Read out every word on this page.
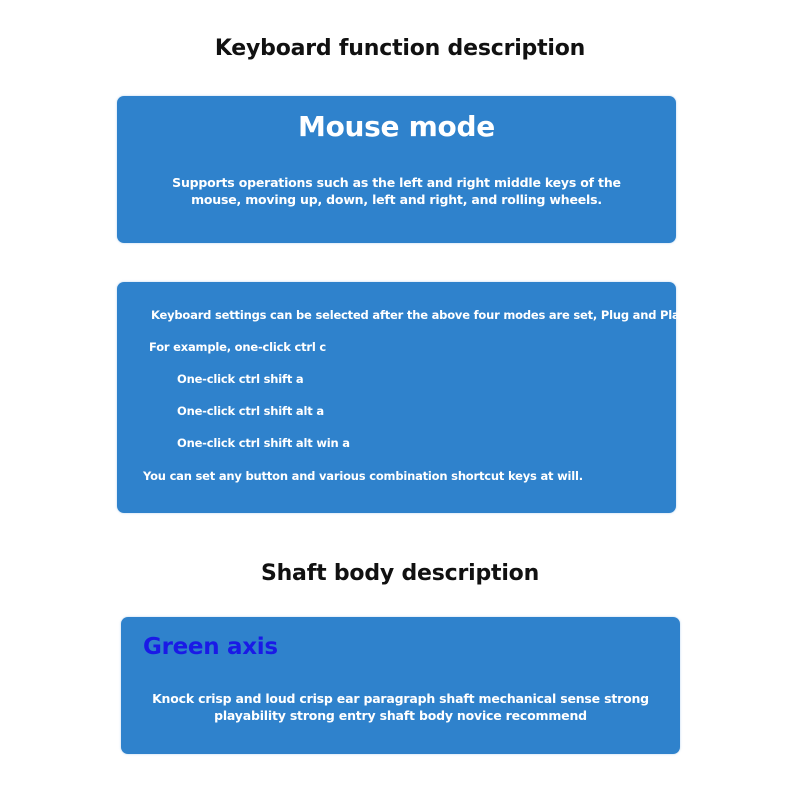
Keyboard function description
Mouse mode
Supports operations such as the left and right middle keys of the
mouse, moving up, down, left and right, and rolling wheels.
Keyboard settings can be selected after the above four modes are set, Plug and Play
For example, one-click ctrl c
One-click ctrl shift a
One-click ctrl shift alt a
One-click ctrl shift alt win a
You can set any button and various combination shortcut keys at will.
Shaft body description
Green axis
Knock crisp and loud crisp ear paragraph shaft mechanical sense strong
playability strong entry shaft body novice recommend
